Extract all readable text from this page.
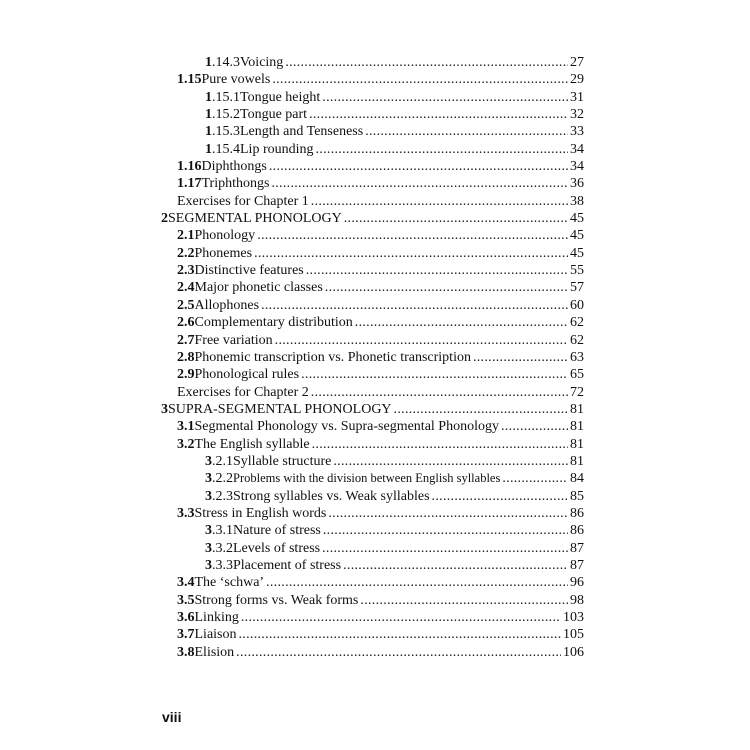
1 .14.3 Voicing .....	27
1.15 Pure vowels .....	29
1 .15.1 Tongue height .....	31
1 .15.2 Tongue part .....	32
1 .15.3 Length and Tenseness .....	33
1 .15.4 Lip rounding .....	34
1.16 Diphthongs .....	34
1.17 Triphthongs .....	36
Exercises for Chapter 1 .....	38
2 SEGMENTAL PHONOLOGY .....	45
2.1 Phonology .....	45
2.2 Phonemes .....	45
2.3 Distinctive features .....	55
2.4 Major phonetic classes .....	57
2.5 Allophones .....	60
2.6 Complementary distribution .....	62
2.7 Free variation .....	62
2.8 Phonemic transcription vs. Phonetic transcription .....	63
2.9 Phonological rules .....	65
Exercises for Chapter 2 .....	72
3 SUPRA-SEGMENTAL PHONOLOGY .....	81
3.1 Segmental Phonology vs. Supra-segmental Phonology .....	81
3.2 The English syllable .....	81
3 .2.1 Syllable structure .....	81
3 .2.2 Problems with the division between English syllables .....	84
3 .2.3 Strong syllables vs. Weak syllables .....	85
3.3 Stress in English words .....	86
3 .3.1 Nature of stress .....	86
3 .3.2 Levels of stress .....	87
3 .3.3 Placement of stress .....	87
3.4 The ‘schwa’ .....	96
3.5 Strong forms vs. Weak forms .....	98
3.6 Linking .....	103
3.7 Liaison .....	105
3.8 Elision .....	106
viii
